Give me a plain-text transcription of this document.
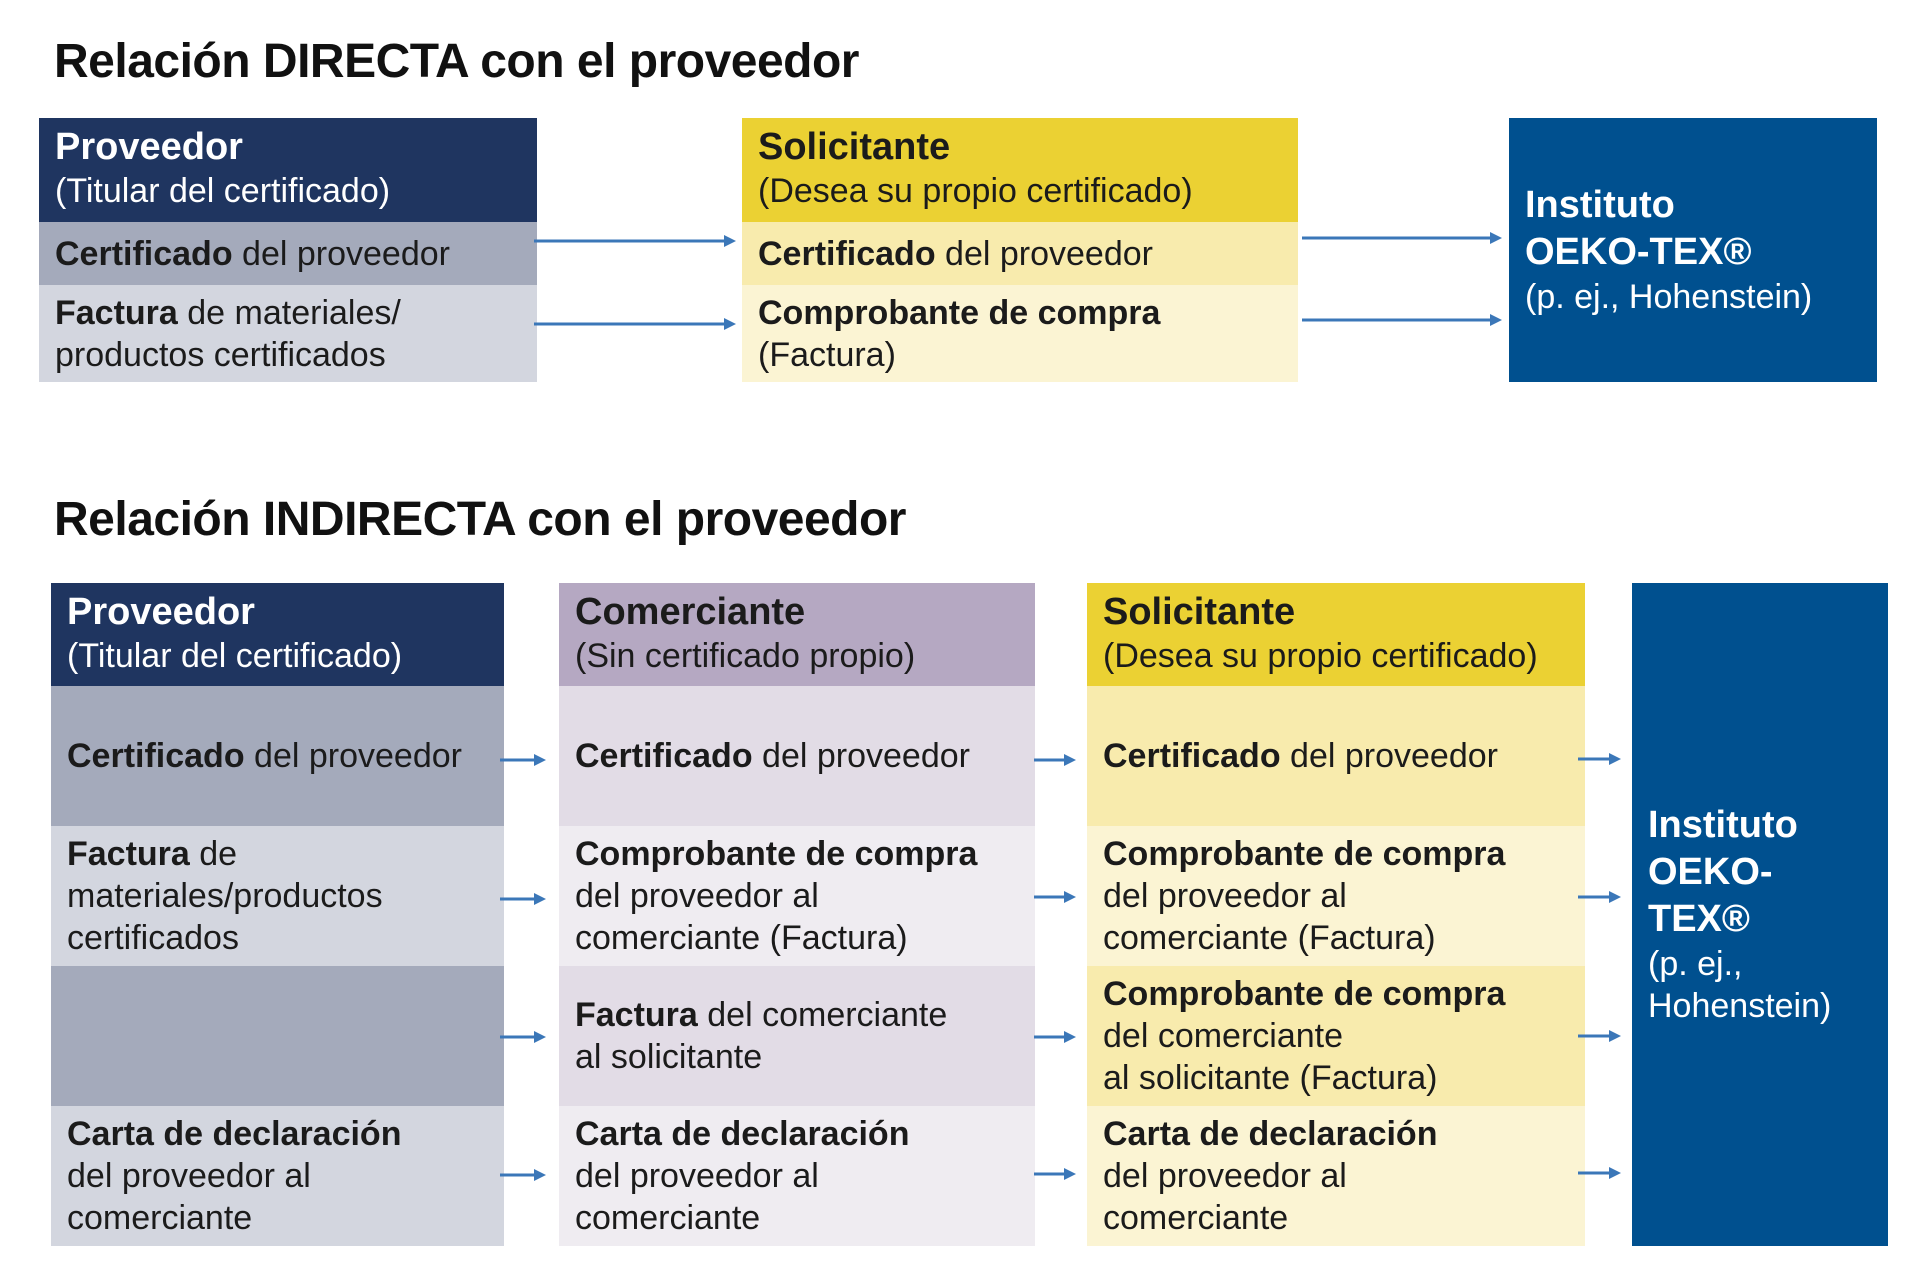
Relación DIRECTA con el proveedor
Proveedor
(Titular del certificado)
Certificado del proveedor
Factura de materiales/
productos certificados
Solicitante
(Desea su propio certificado)
Certificado del proveedor
Comprobante de compra
(Factura)
Instituto
OEKO-TEX®
(p. ej., Hohenstein)
Relación INDIRECTA con el proveedor
Proveedor
(Titular del certificado)
Certificado del proveedor
Factura de
materiales/productos
certificados
Carta de declaración
del proveedor al
comerciante
Comerciante
(Sin certificado propio)
Certificado del proveedor
Comprobante de compra
del proveedor al
comerciante (Factura)
Factura del comerciante
al solicitante
Carta de declaración
del proveedor al
comerciante
Solicitante
(Desea su propio certificado)
Certificado del proveedor
Comprobante de compra
del proveedor al
comerciante (Factura)
Comprobante de compra
del comerciante
al solicitante (Factura)
Carta de declaración
del proveedor al
comerciante
Instituto
OEKO-TEX®
(p. ej.,
Hohenstein)
